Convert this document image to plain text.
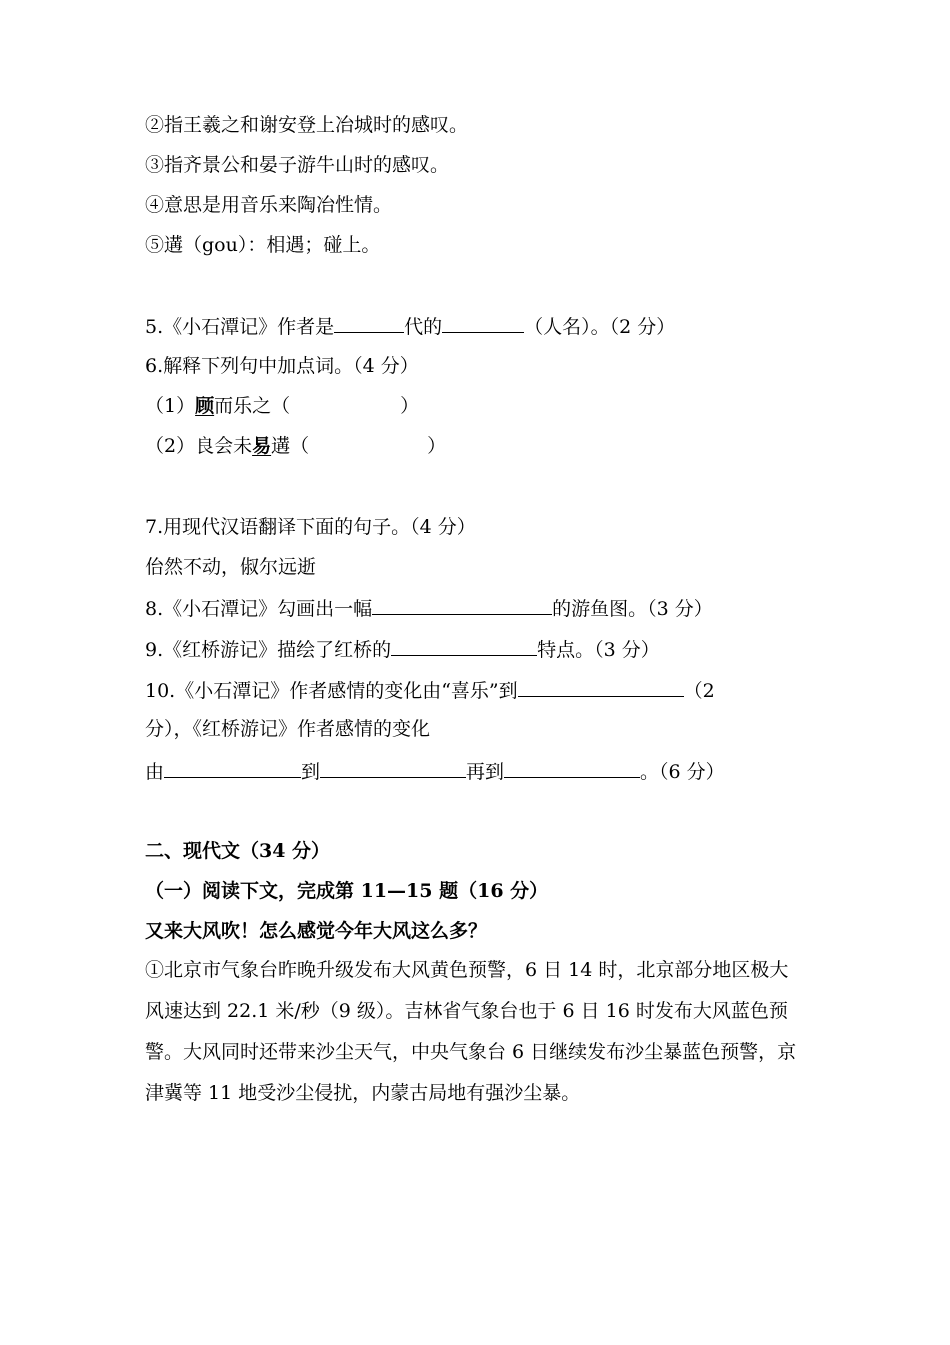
②指王羲之和谢安登上冶城时的感叹。
③指齐景公和晏子游牛山时的感叹。
④意思是用音乐来陶冶性情。
⑤遘（gou）：相遇；碰上。
5.《小石潭记》作者是	代的	（人名）。（2 分）
6.解释下列句中加点词。（4 分）
（1）顾而乐之（	）
（2）良会未易遘（	）
7.用现代汉语翻译下面的句子。（4 分）
佁然不动，俶尔远逝
8.《小石潭记》勾画出一幅	的游鱼图。（3 分）
9.《红桥游记》描绘了红桥的	特点。（3 分）
10.《小石潭记》作者感情的变化由“喜乐”到	（2
分），《红桥游记》作者感情的变化
由	到	再到	。（6 分）
二、现代文（34 分）
（一）阅读下文，完成第 11—15 题（16 分）
又来大风吹！怎么感觉今年大风这么多？
①北京市气象台昨晚升级发布大风黄色预警，6 日 14 时，北京部分地区极大风速达到 22.1 米/秒（9 级）。吉林省气象台也于 6 日 16 时发布大风蓝色预警。大风同时还带来沙尘天气，中央气象台 6 日继续发布沙尘暴蓝色预警，京津冀等 11 地受沙尘侵扰，内蒙古局地有强沙尘暴。
